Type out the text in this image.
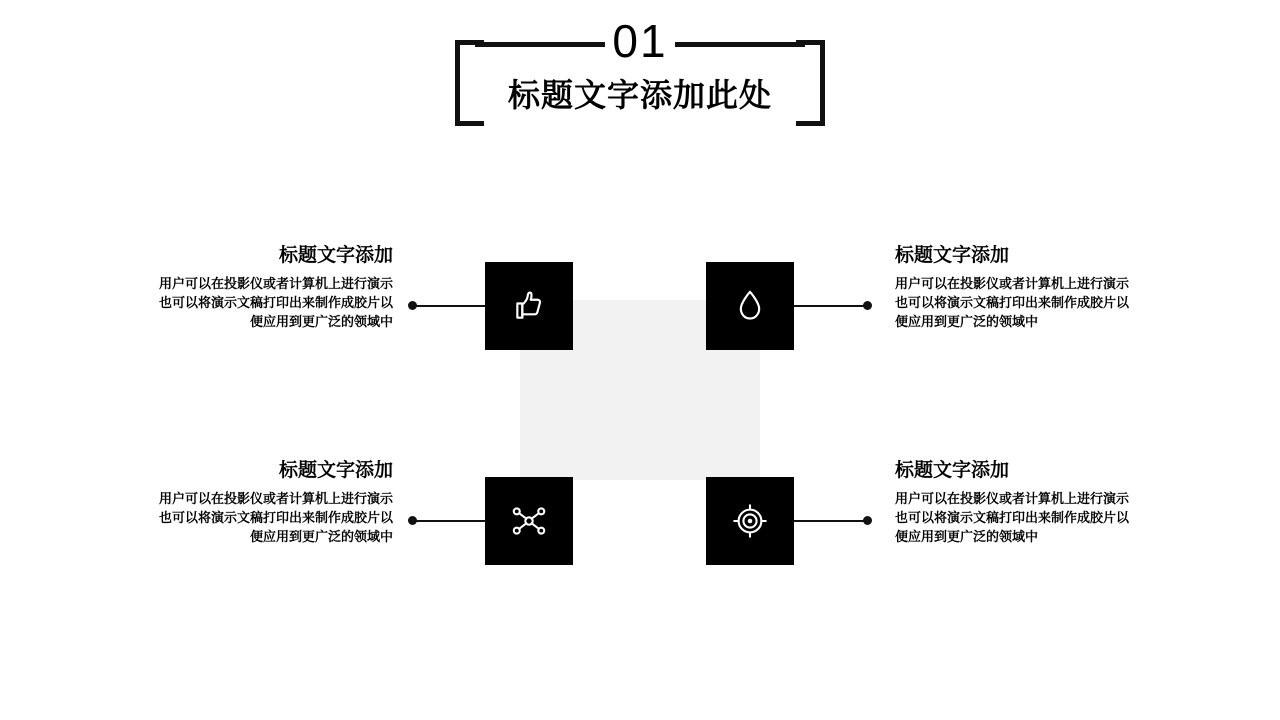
01
标题文字添加此处
标题文字添加
用户可以在投影仪或者计算机上进行演示也可以将演示文稿打印出来制作成胶片以便应用到更广泛的领域中
标题文字添加
用户可以在投影仪或者计算机上进行演示也可以将演示文稿打印出来制作成胶片以便应用到更广泛的领域中
标题文字添加
用户可以在投影仪或者计算机上进行演示也可以将演示文稿打印出来制作成胶片以便应用到更广泛的领域中
标题文字添加
用户可以在投影仪或者计算机上进行演示也可以将演示文稿打印出来制作成胶片以便应用到更广泛的领域中
